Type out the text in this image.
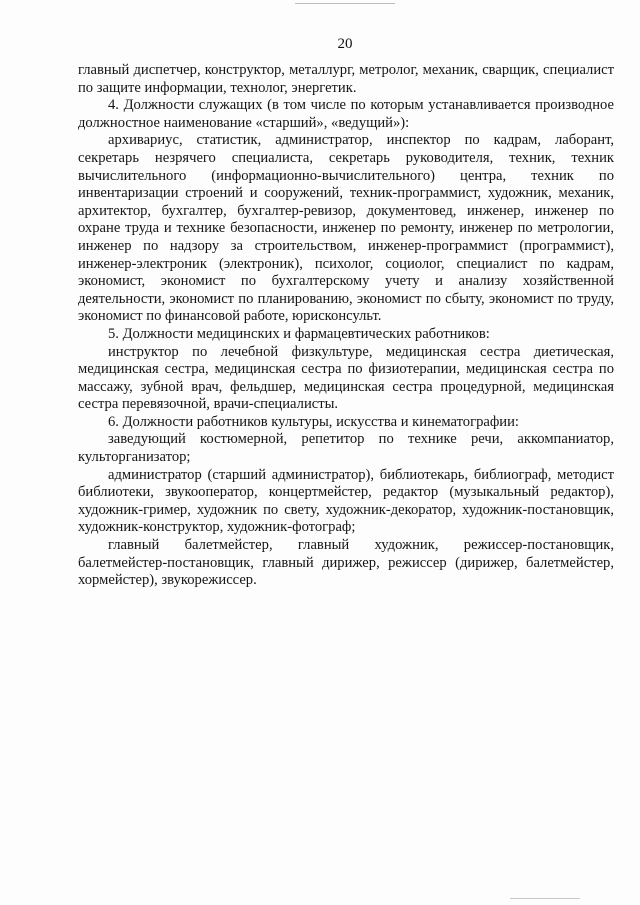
20

главный диспетчер, конструктор, металлург, метролог, механик, сварщик, специалист по защите информации, технолог, энергетик.

4. Должности служащих (в том числе по которым устанавливается производное должностное наименование «старший», «ведущий»):

архивариус, статистик, администратор, инспектор по кадрам, лаборант, секретарь незрячего специалиста, секретарь руководителя, техник, техник вычислительного (информационно-вычислительного) центра, техник по инвентаризации строений и сооружений, техник-программист, художник, механик, архитектор, бухгалтер, бухгалтер-ревизор, документовед, инженер, инженер по охране труда и технике безопасности, инженер по ремонту, инженер по метрологии, инженер по надзору за строительством, инженер-программист (программист), инженер-электроник (электроник), психолог, социолог, специалист по кадрам, экономист, экономист по бухгалтерскому учету и анализу хозяйственной деятельности, экономист по планированию, экономист по сбыту, экономист по труду, экономист по финансовой работе, юрисконсульт.

5. Должности медицинских и фармацевтических работников:

инструктор по лечебной физкультуре, медицинская сестра диетическая, медицинская сестра, медицинская сестра по физиотерапии, медицинская сестра по массажу, зубной врач, фельдшер, медицинская сестра процедурной, медицинская сестра перевязочной, врачи-специалисты.

6. Должности работников культуры, искусства и кинематографии:

заведующий костюмерной, репетитор по технике речи, аккомпаниатор, культорганизатор;

администратор (старший администратор), библиотекарь, библиограф, методист библиотеки, звукооператор, концертмейстер, редактор (музыкальный редактор), художник-гример, художник по свету, художник-декоратор, художник-постановщик, художник-конструктор, художник-фотограф;

главный балетмейстер, главный художник, режиссер-постановщик, балетмейстер-постановщик, главный дирижер, режиссер (дирижер, балетмейстер, хормейстер), звукорежиссер.
